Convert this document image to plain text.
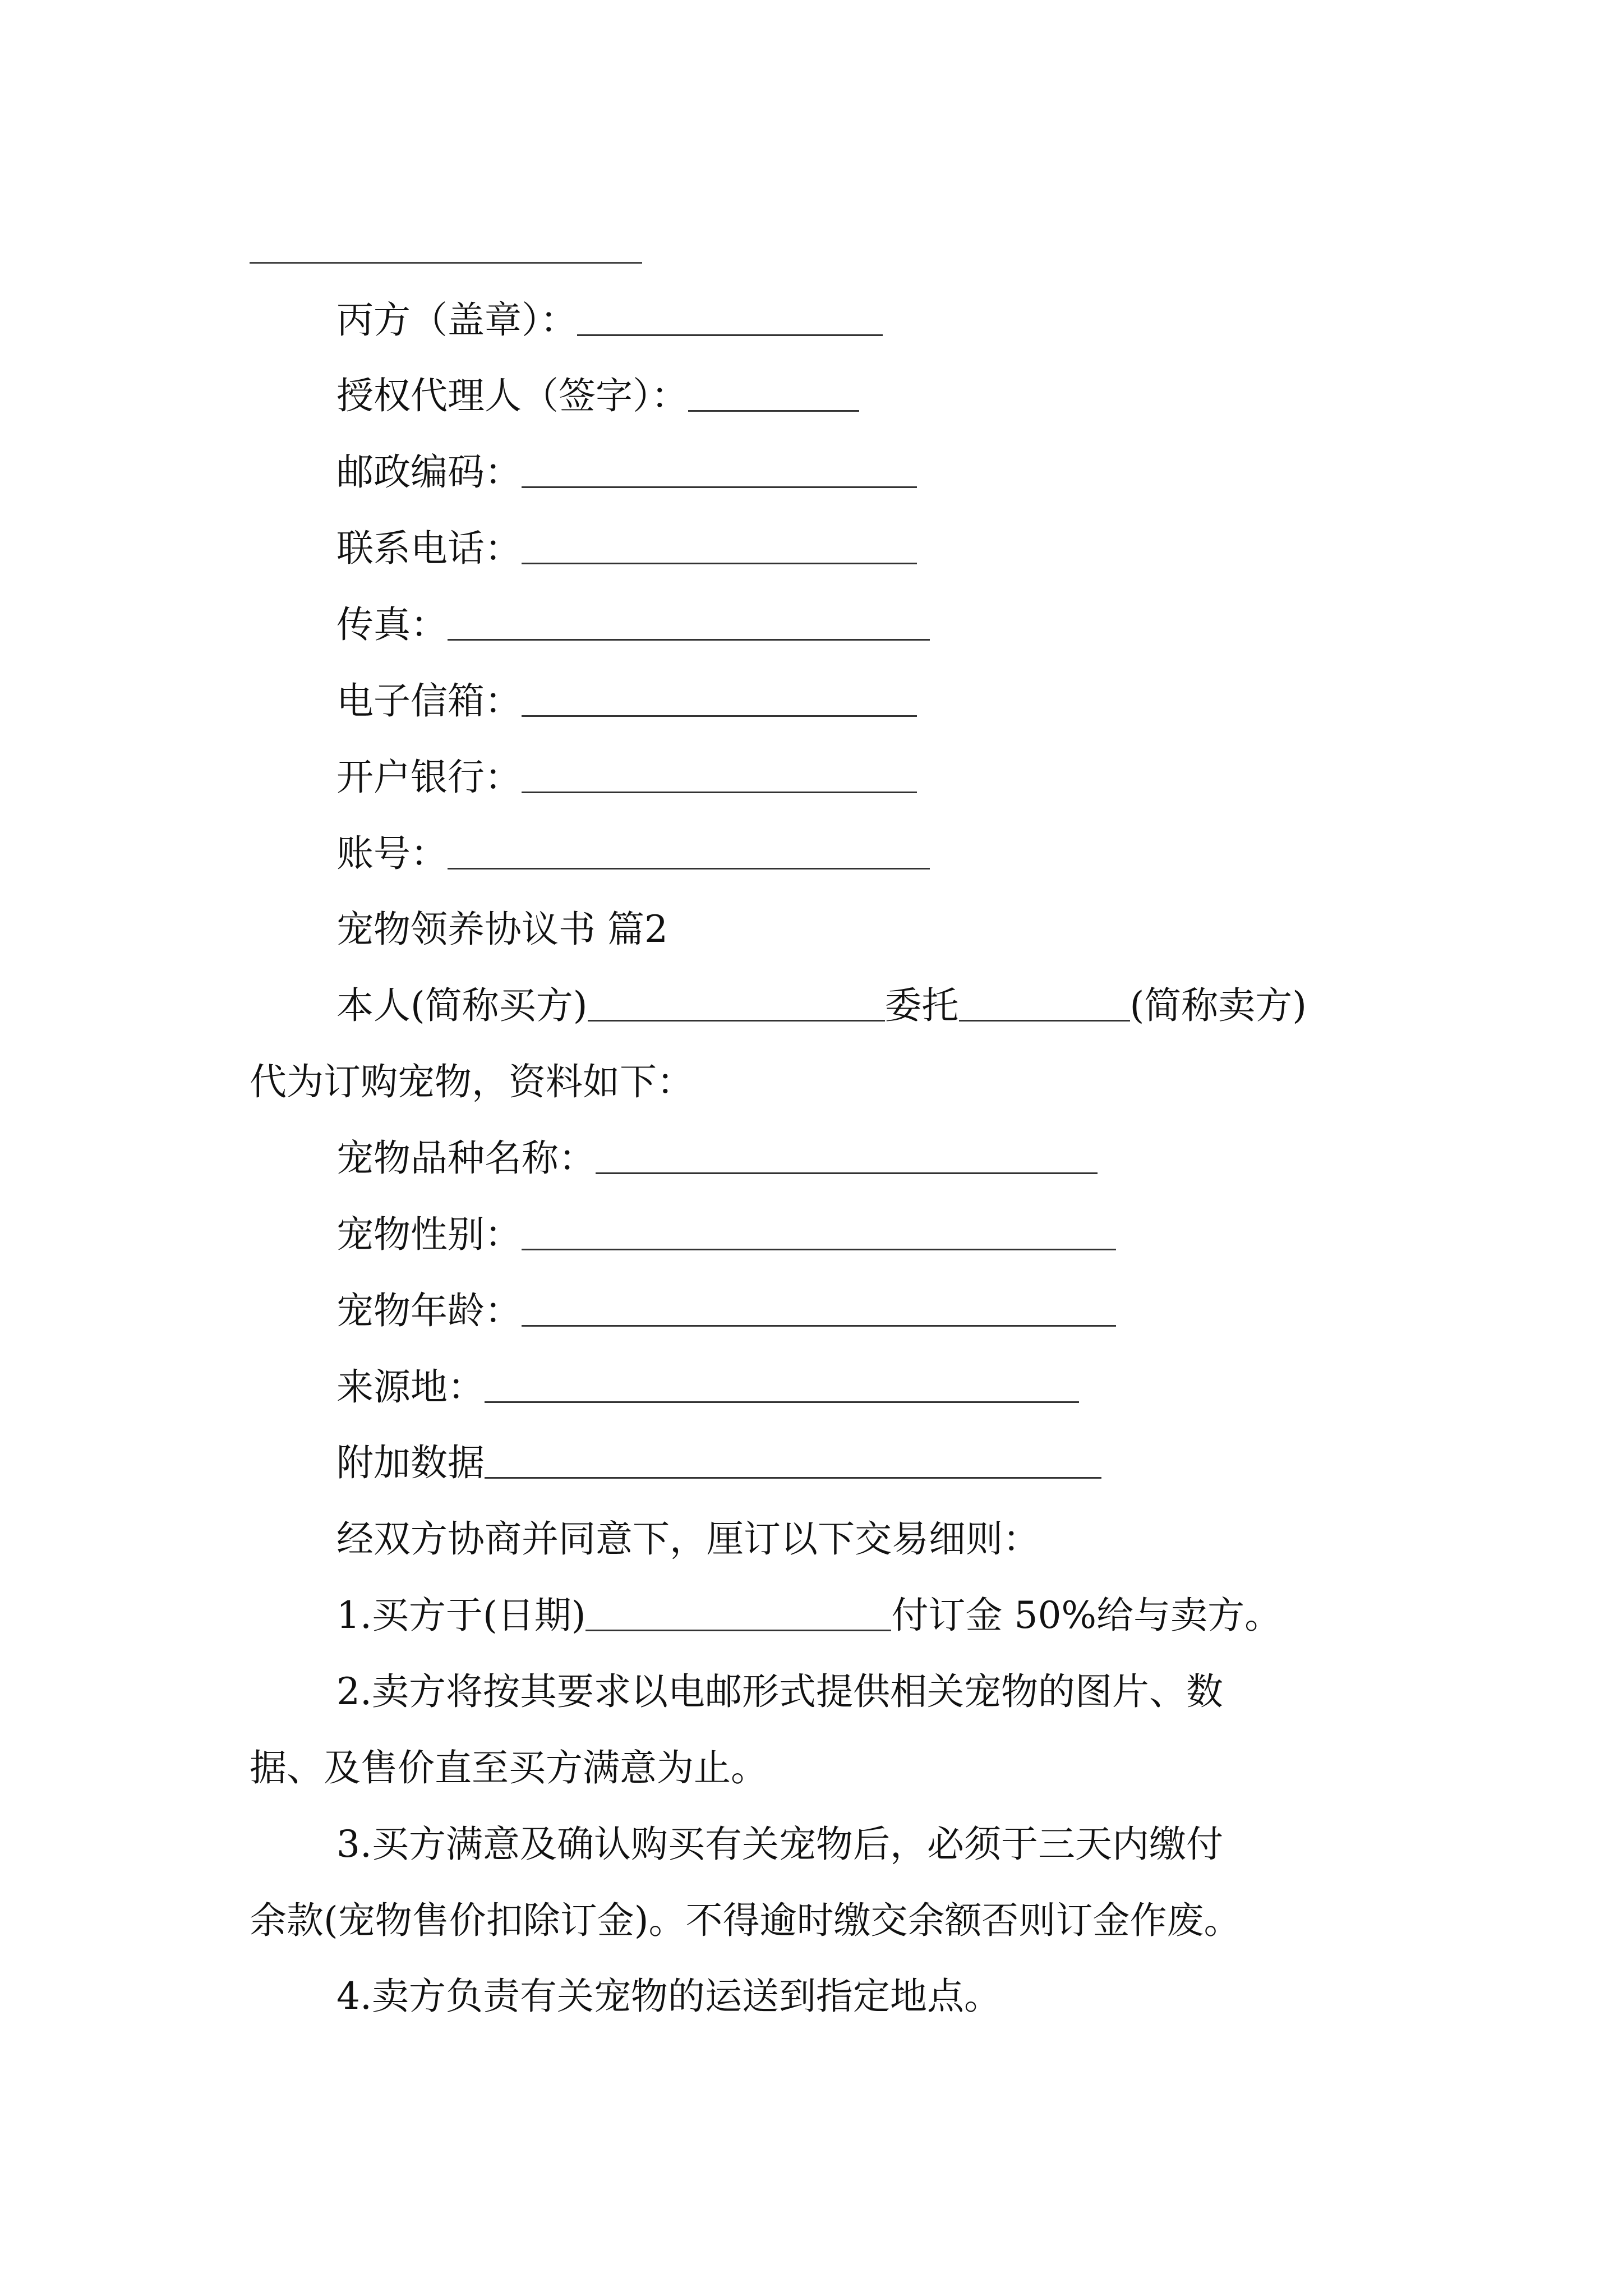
丙方（盖章）：
授权代理人（签字）：
邮政编码：
联系电话：
传真：
电子信箱：
开户银行：
账号：
宠物领养协议书 篇2
本人(简称买方)	委托	(简称卖方)
代为订购宠物，资料如下：
宠物品种名称：
宠物性别：
宠物年龄：
来源地：
附加数据
经双方协商并同意下，厘订以下交易细则：
1.买方于(日期)	付订金 50%给与卖方。
2.卖方将按其要求以电邮形式提供相关宠物的图片、数
据、及售价直至买方满意为止。
3.买方满意及确认购买有关宠物后，必须于三天内缴付
余款(宠物售价扣除订金)。不得逾时缴交余额否则订金作废。
4.卖方负责有关宠物的运送到指定地点。
